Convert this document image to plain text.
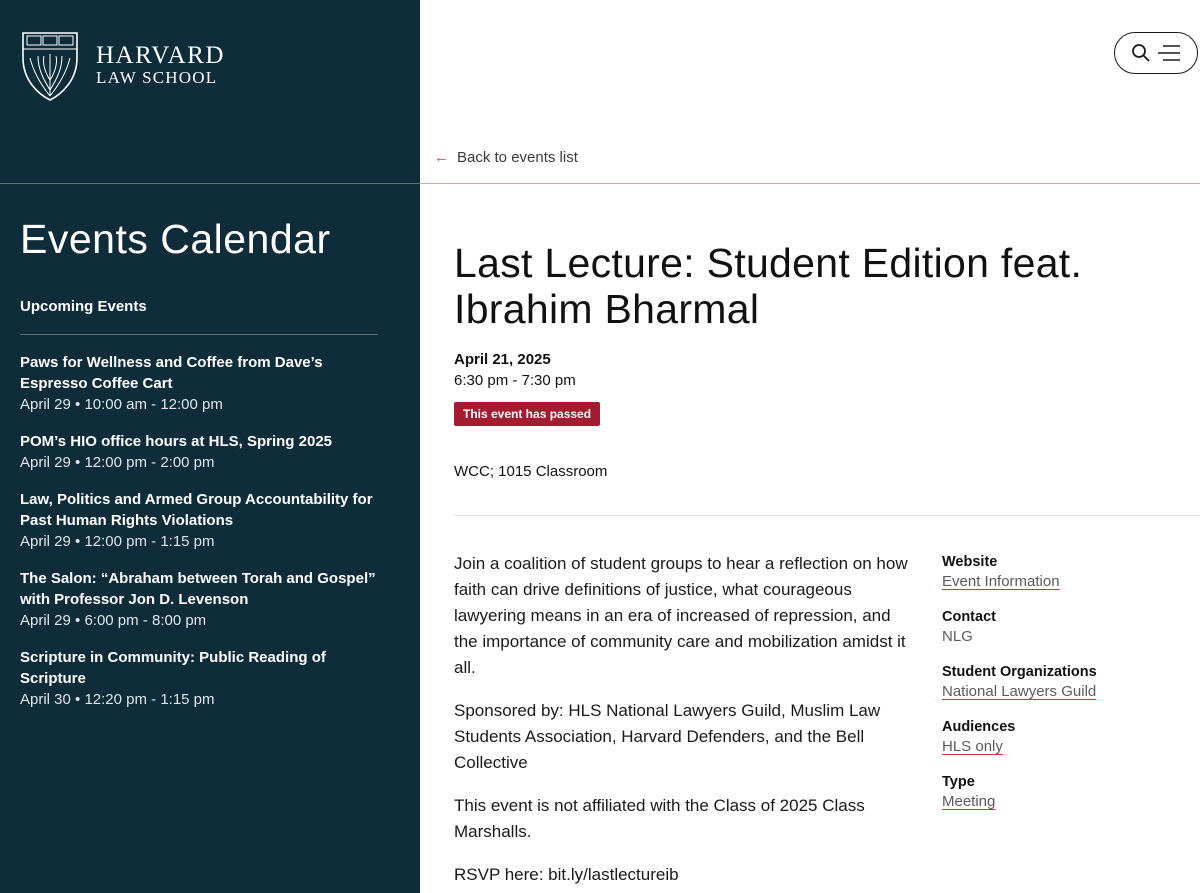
HARVARD
LAW SCHOOL
Events Calendar
Upcoming Events
Paws for Wellness and Coffee from Dave’s Espresso Coffee Cart
April 29 • 10:00 am - 12:00 pm
POM’s HIO office hours at HLS, Spring 2025
April 29 • 12:00 pm - 2:00 pm
Law, Politics and Armed Group Accountability for Past Human Rights Violations
April 29 • 12:00 pm - 1:15 pm
The Salon: “Abraham between Torah and Gospel” with Professor Jon D. Levenson
April 29 • 6:00 pm - 8:00 pm
Scripture in Community: Public Reading of Scripture
April 30 • 12:20 pm - 1:15 pm
← Back to events list
Last Lecture: Student Edition feat. Ibrahim Bharmal
April 21, 2025
6:30 pm - 7:30 pm
This event has passed
WCC; 1015 Classroom

Join a coalition of student groups to hear a reflection on how faith can drive definitions of justice, what courageous lawyering means in an era of increased of repression, and the importance of community care and mobilization amidst it all.

Sponsored by: HLS National Lawyers Guild, Muslim Law Students Association, Harvard Defenders, and the Bell Collective

This event is not affiliated with the Class of 2025 Class Marshalls.

RSVP here: bit.ly/lastlectureib

Website
Event Information
Contact
NLG
Student Organizations
National Lawyers Guild
Audiences
HLS only
Type
Meeting
